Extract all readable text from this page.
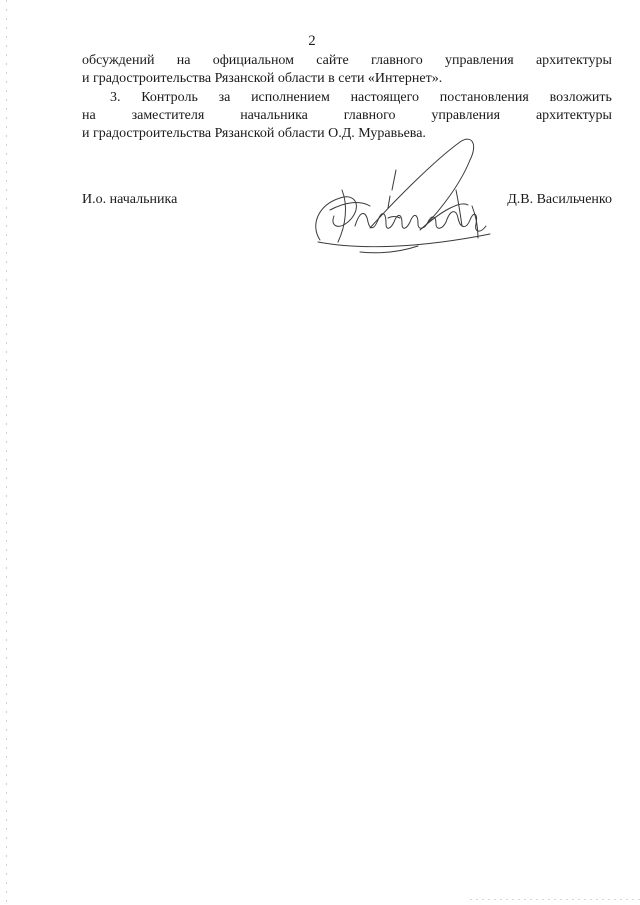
2
обсуждений на официальном сайте главного управления архитектуры
и градостроительства Рязанской области в сети «Интернет».
3. Контроль за исполнением настоящего постановления возложить
на	заместителя	начальника	главного	управления	архитектуры
и градостроительства Рязанской области О.Д. Муравьева.
И.о. начальника	Д.В. Васильченко
